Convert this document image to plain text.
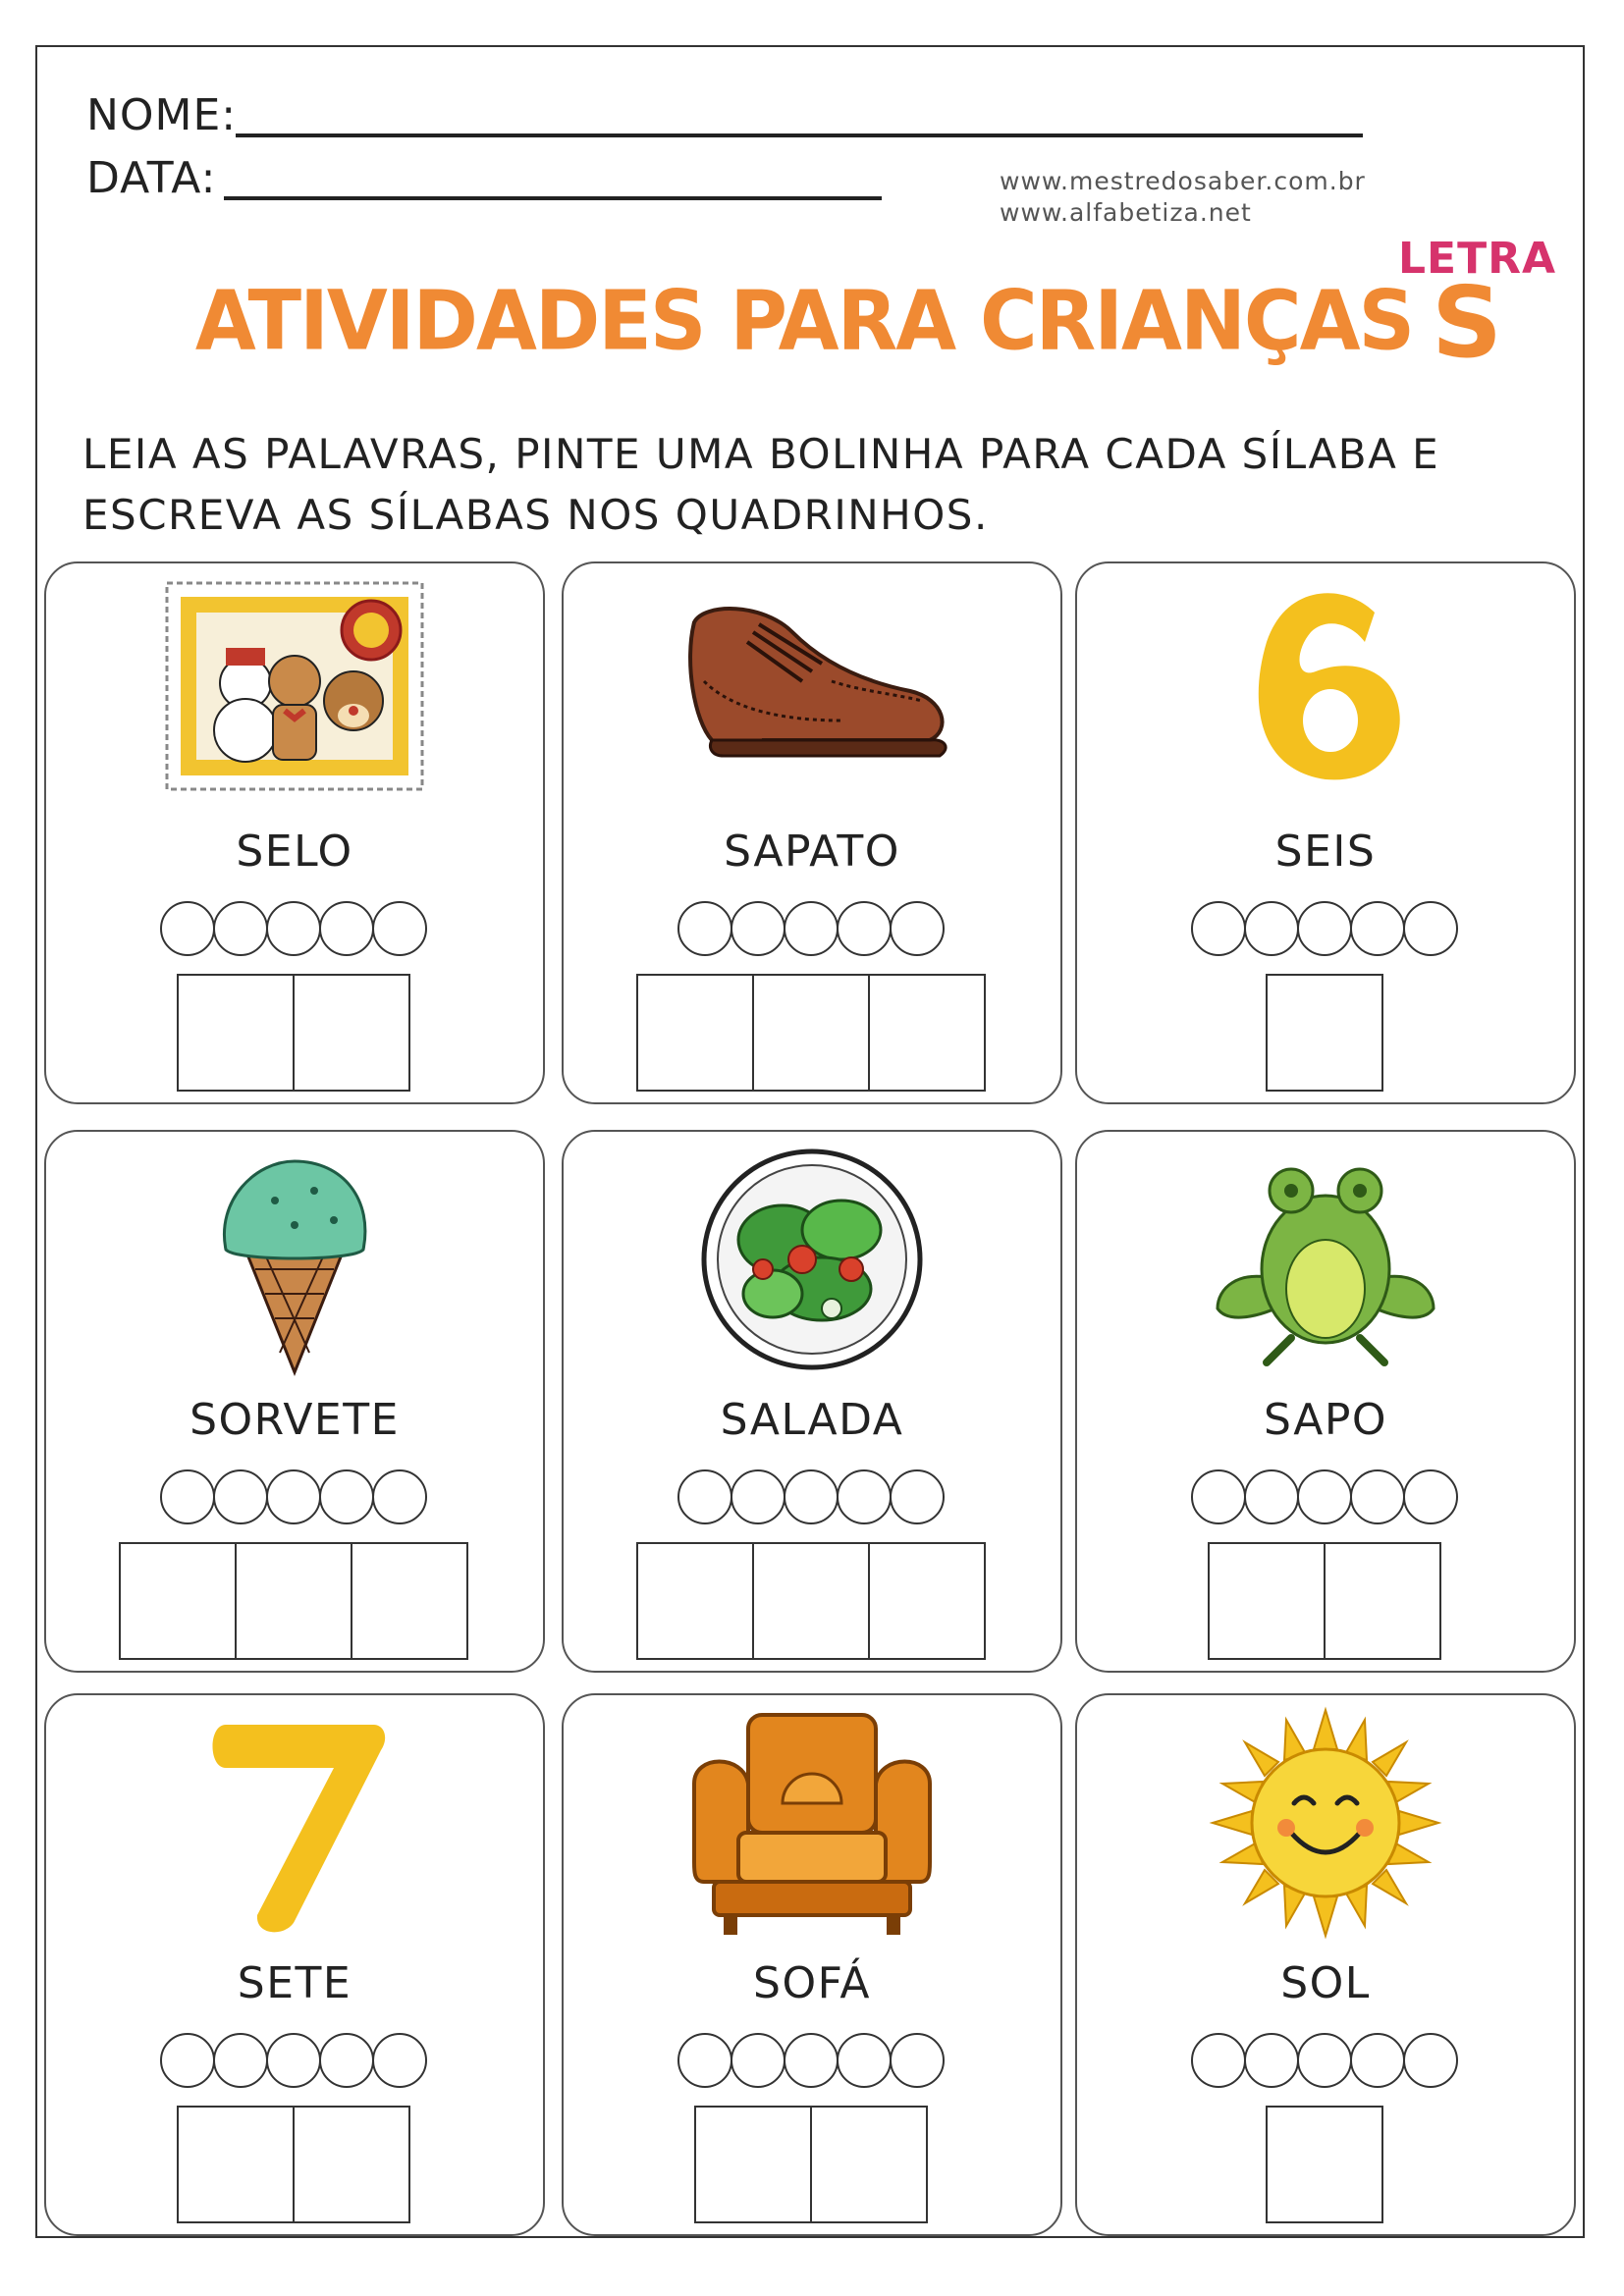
NOME:
DATA:	www.mestredosaber.com.br
www.alfabetiza.net
ATIVIDADES PARA CRIANÇAS
LETRA
S
LEIA AS PALAVRAS, PINTE UMA BOLINHA PARA CADA SÍLABA E
ESCREVA AS SÍLABAS NOS QUADRINHOS.
SELO	SAPATO	SEIS
SORVETE	SALADA	SAPO
SETE	SOFÁ	SOL
